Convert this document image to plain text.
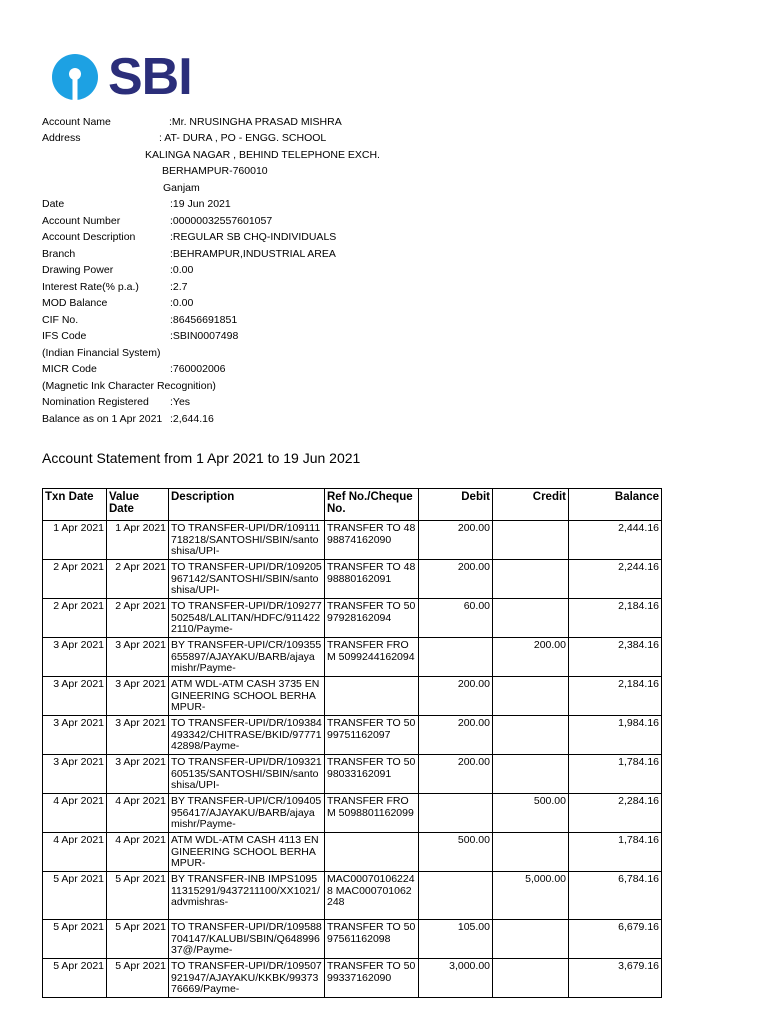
SBI
Account Name	:Mr. NRUSINGHA PRASAD MISHRA
Address	: AT- DURA , PO - ENGG. SCHOOL
KALINGA NAGAR , BEHIND TELEPHONE EXCH.
BERHAMPUR-760010
Ganjam
Date	:19 Jun 2021
Account Number	:00000032557601057
Account Description	:REGULAR SB CHQ-INDIVIDUALS
Branch	:BEHRAMPUR,INDUSTRIAL AREA
Drawing Power	:0.00
Interest Rate(% p.a.)	:2.7
MOD Balance	:0.00
CIF No.	:86456691851
IFS Code	:SBIN0007498
(Indian Financial System)
MICR Code	:760002006
(Magnetic Ink Character Recognition)
Nomination Registered :Yes
Balance as on 1 Apr 2021 :2,644.16
Account Statement from 1 Apr 2021 to 19 Jun 2021
Txn Date	Value Date	Description	Ref No./Cheque No.	Debit	Credit	Balance
1 Apr 2021	1 Apr 2021	TO TRANSFER-UPI/DR/109111718218/SANTOSHI/SBIN/santoshisa/UPI-	TRANSFER TO 4898874162090	200.00		2,444.16
2 Apr 2021	2 Apr 2021	TO TRANSFER-UPI/DR/109205967142/SANTOSHI/SBIN/santoshisa/UPI-	TRANSFER TO 4898880162091	200.00		2,244.16
2 Apr 2021	2 Apr 2021	TO TRANSFER-UPI/DR/109277502548/LALITAN/HDFC/9114222110/Payme-	TRANSFER TO 5097928162094	60.00		2,184.16
3 Apr 2021	3 Apr 2021	BY TRANSFER-UPI/CR/109355655897/AJAYAKU/BARB/ajayamishr/Payme-	TRANSFER FROM 5099244162094		200.00	2,384.16
3 Apr 2021	3 Apr 2021	ATM WDL-ATM CASH 3735 ENGINEERING SCHOOL BERHAMPUR-		200.00		2,184.16
3 Apr 2021	3 Apr 2021	TO TRANSFER-UPI/DR/109384493342/CHITRASE/BKID/9777142898/Payme-	TRANSFER TO 5099751162097	200.00		1,984.16
3 Apr 2021	3 Apr 2021	TO TRANSFER-UPI/DR/109321605135/SANTOSHI/SBIN/santoshisa/UPI-	TRANSFER TO 5098033162091	200.00		1,784.16
4 Apr 2021	4 Apr 2021	BY TRANSFER-UPI/CR/109405956417/AJAYAKU/BARB/ajayamishr/Payme-	TRANSFER FROM 5098801162099		500.00	2,284.16
4 Apr 2021	4 Apr 2021	ATM WDL-ATM CASH 4113 ENGINEERING SCHOOL BERHAMPUR-		500.00		1,784.16
5 Apr 2021	5 Apr 2021	BY TRANSFER-INB IMPS109511315291/9437211100/XX1021/advmishras-	MAC000701062248 MAC000701062248		5,000.00	6,784.16
5 Apr 2021	5 Apr 2021	TO TRANSFER-UPI/DR/109588704147/KALUBI/SBIN/Q64899637@/Payme-	TRANSFER TO 5097561162098	105.00		6,679.16
5 Apr 2021	5 Apr 2021	TO TRANSFER-UPI/DR/109507921947/AJAYAKU/KKBK/9937376669/Payme-	TRANSFER TO 5099337162090	3,000.00		3,679.16
